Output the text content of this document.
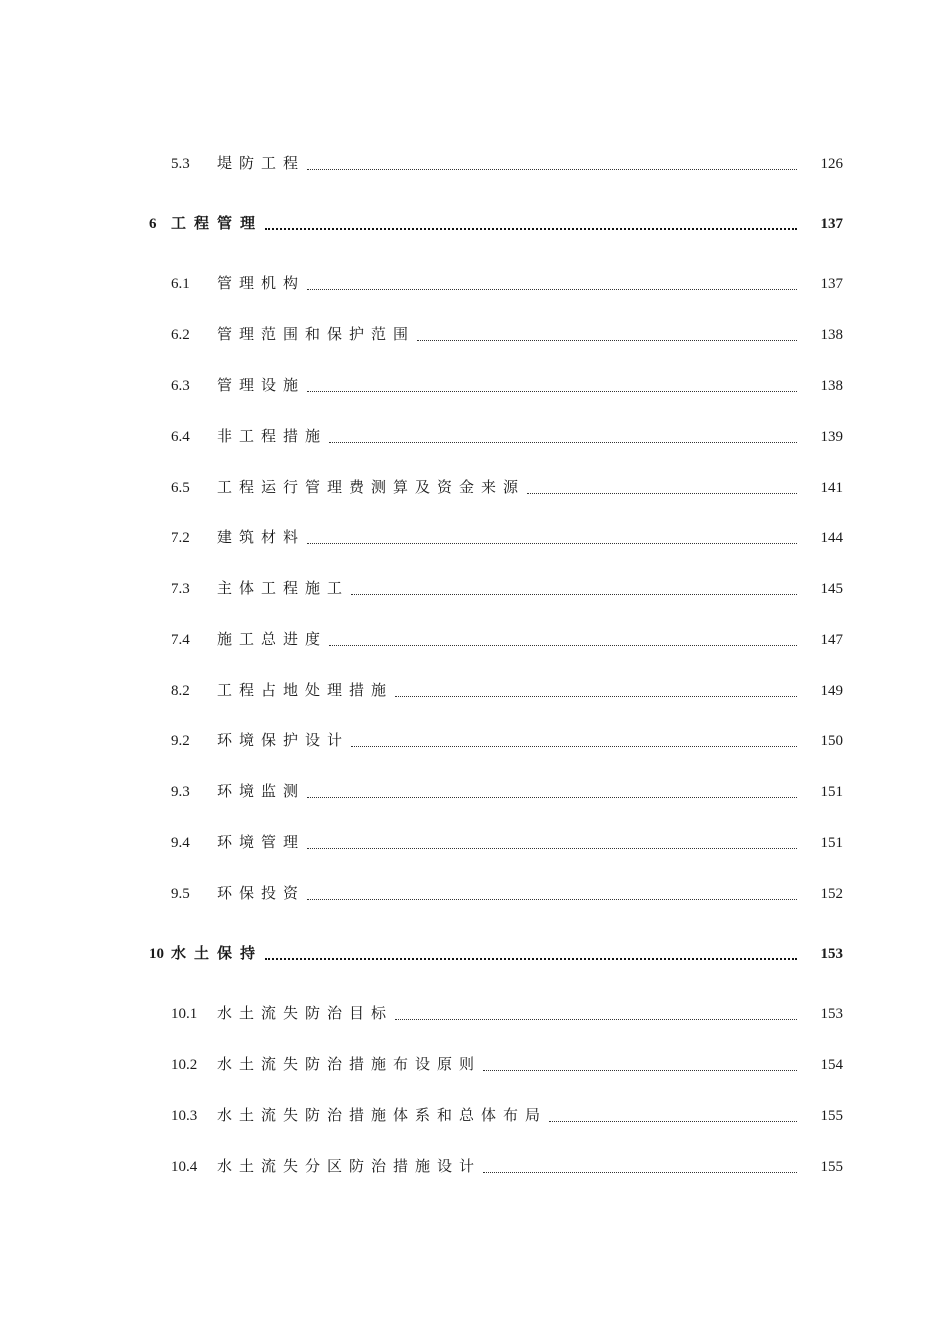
5.3 堤防工程	126
6 工程管理	137
6.1 管理机构	137
6.2 管理范围和保护范围	138
6.3 管理设施	138
6.4 非工程措施	139
6.5 工程运行管理费测算及资金来源	141
7.2 建筑材料	144
7.3 主体工程施工	145
7.4 施工总进度	147
8.2 工程占地处理措施	149
9.2 环境保护设计	150
9.3 环境监测	151
9.4 环境管理	151
9.5 环保投资	152
10 水土保持	153
10.1 水土流失防治目标	153
10.2 水土流失防治措施布设原则	154
10.3 水土流失防治措施体系和总体布局	155
10.4 水土流失分区防治措施设计	155
